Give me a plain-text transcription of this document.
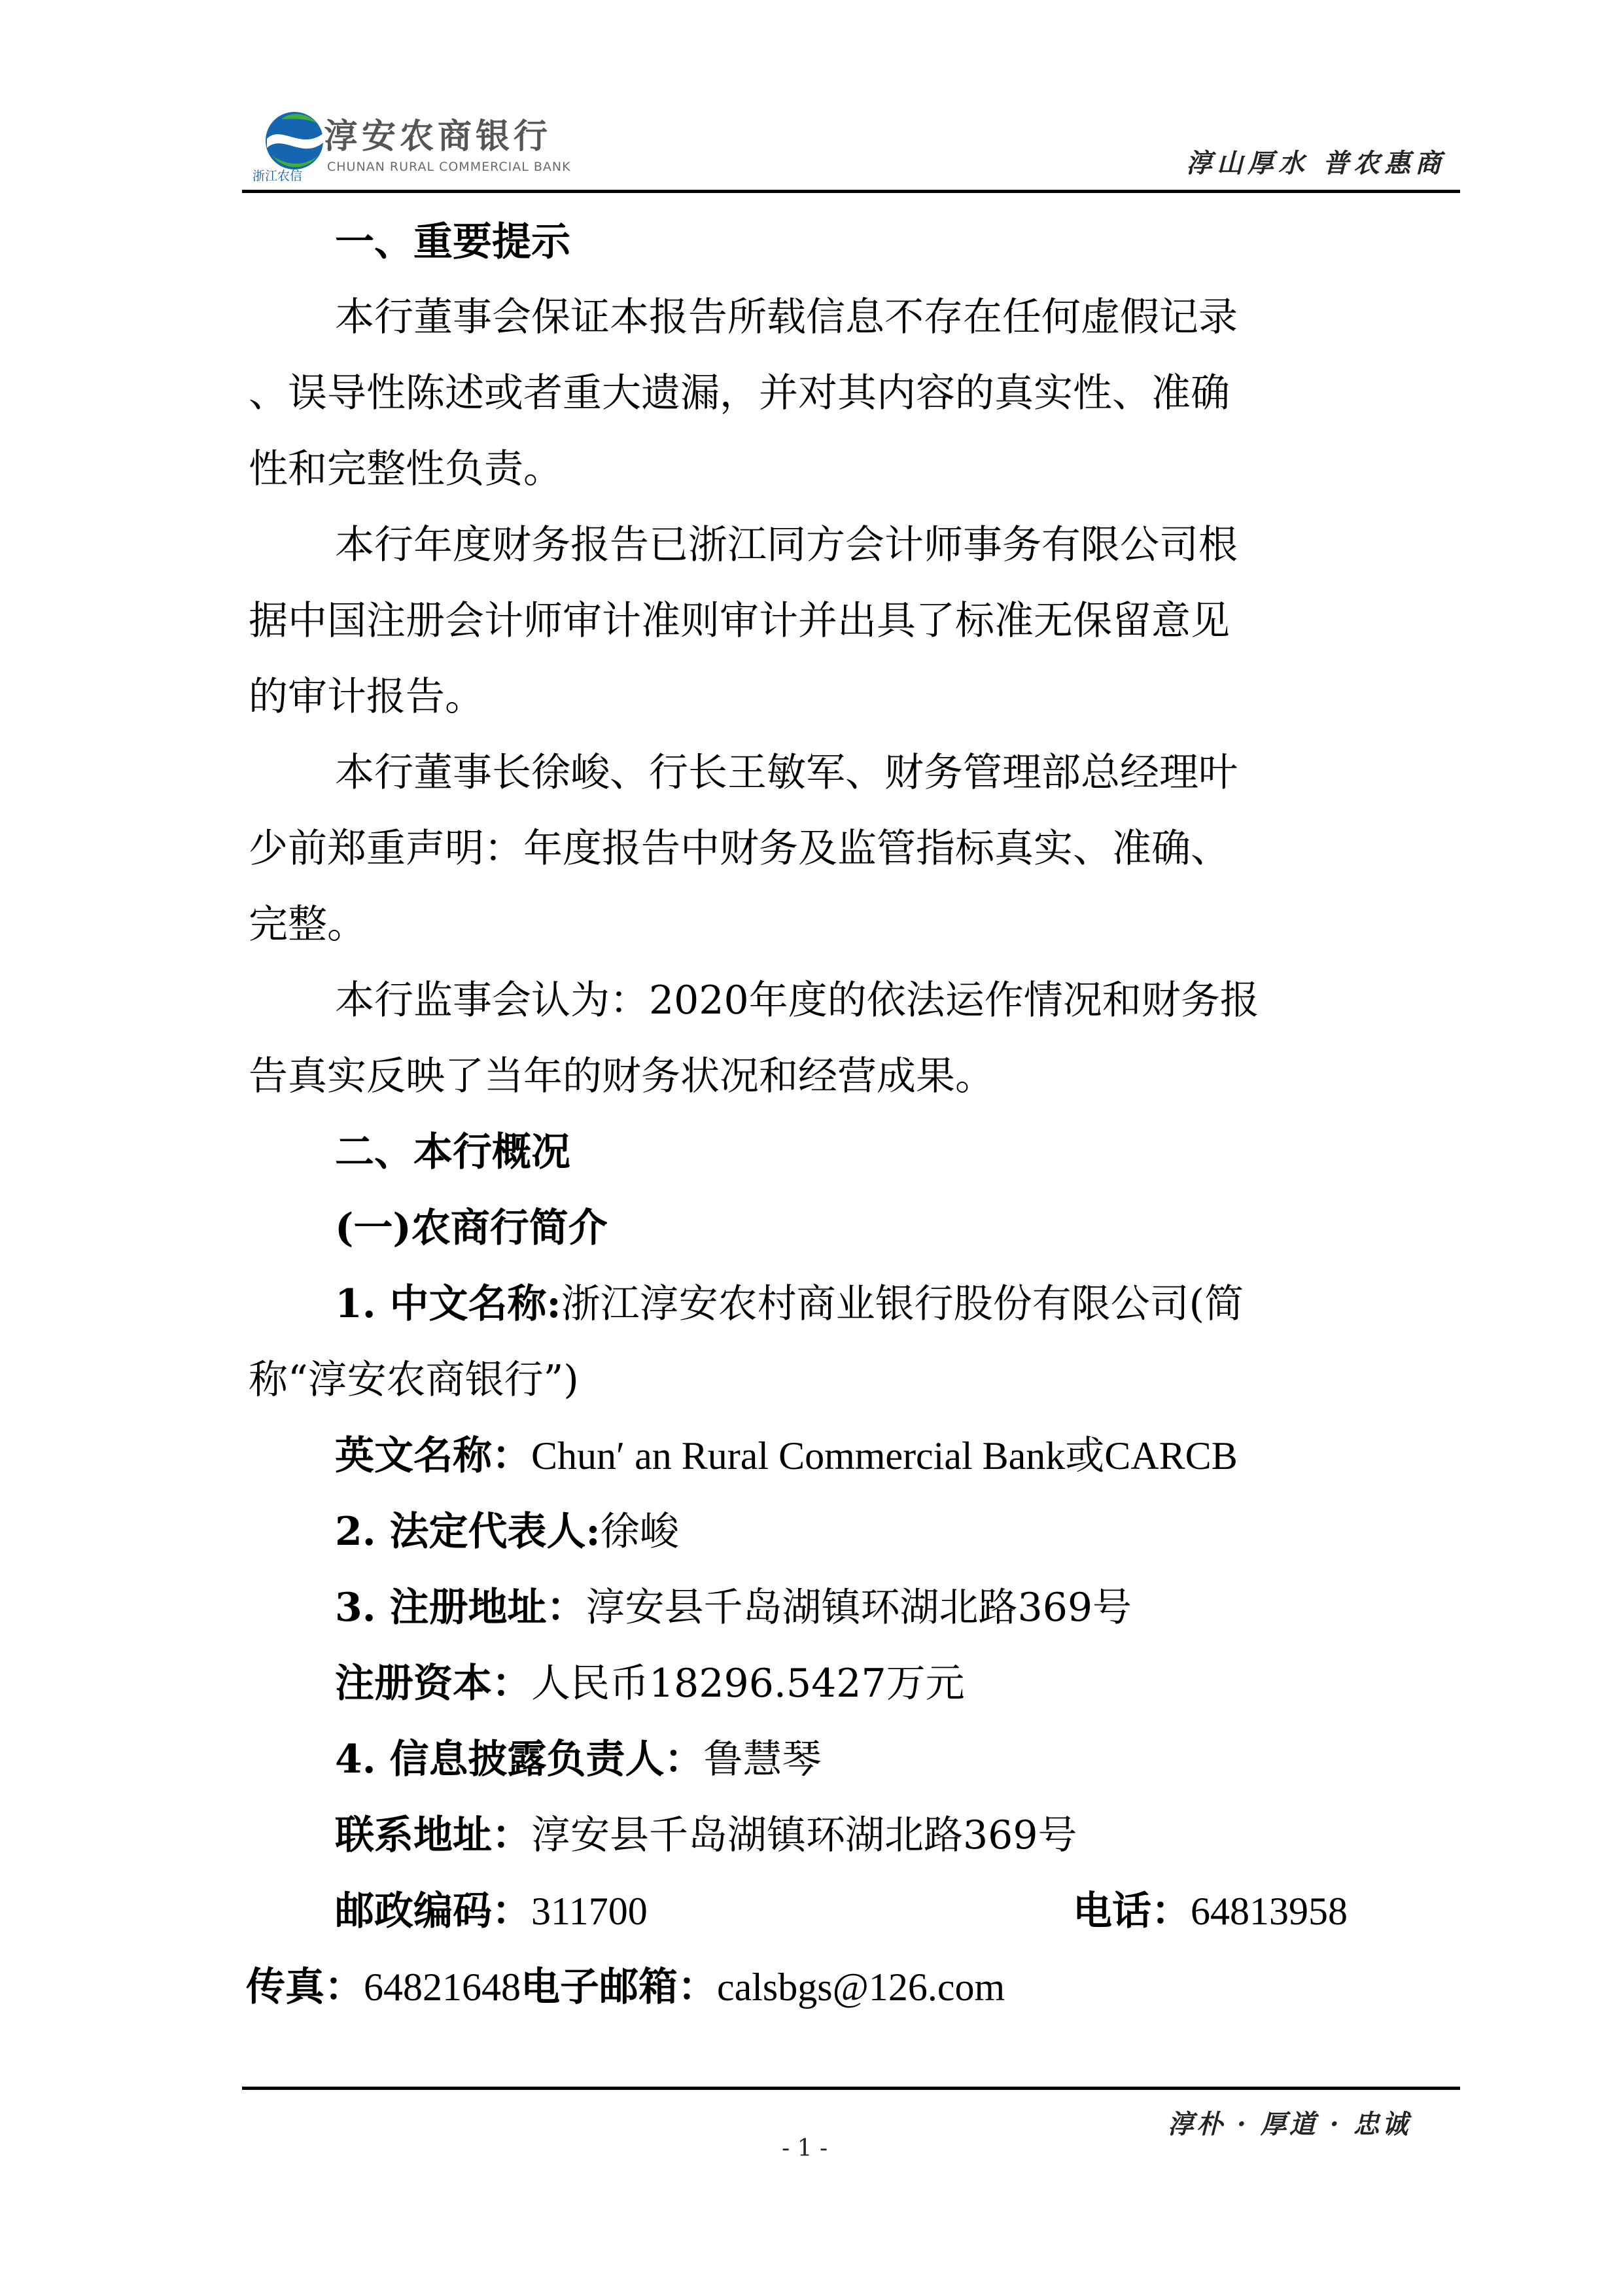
浙江农信
淳安农商银行
CHUNAN RURAL COMMERCIAL BANK	淳山厚水 普农惠商
一、重要提示
本行董事会保证本报告所载信息不存在任何虚假记录
、误导性陈述或者重大遗漏，并对其内容的真实性、准确
性和完整性负责。
本行年度财务报告已浙江同方会计师事务有限公司根
据中国注册会计师审计准则审计并出具了标准无保留意见
的审计报告。
本行董事长徐峻、行长王敏军、财务管理部总经理叶
少前郑重声明：年度报告中财务及监管指标真实、准确、
完整。
本行监事会认为：2020年度的依法运作情况和财务报
告真实反映了当年的财务状况和经营成果。
二、本行概况
(一)农商行简介
1. 中文名称:浙江淳安农村商业银行股份有限公司(简
称“淳安农商银行”)
英文名称：Chun′ an Rural Commercial Bank或CARCB
2. 法定代表人:徐峻
3. 注册地址：淳安县千岛湖镇环湖北路369号
注册资本：人民币18296.5427万元
4. 信息披露负责人：鲁慧琴
联系地址：淳安县千岛湖镇环湖北路369号
邮政编码：311700	电话：64813958
传真：64821648电子邮箱：calsbgs@126.com
淳朴 · 厚道 · 忠诚
- 1 -
